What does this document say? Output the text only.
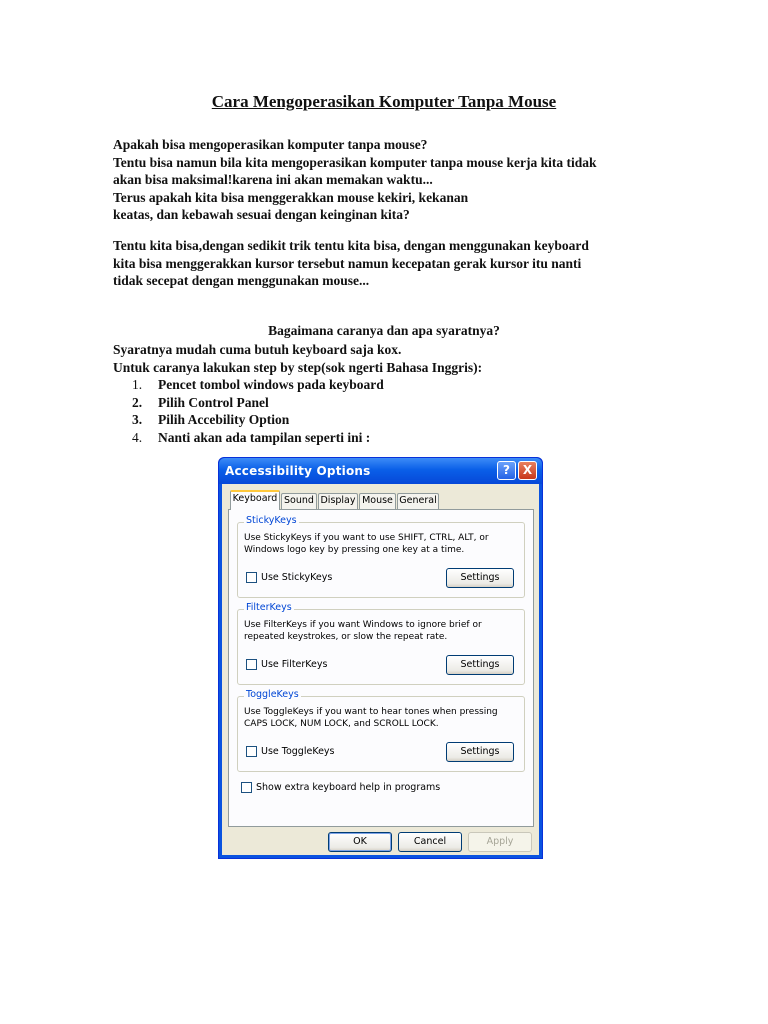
Cara Mengoperasikan Komputer Tanpa Mouse
Apakah bisa mengoperasikan komputer tanpa mouse?
Tentu bisa namun bila kita mengoperasikan komputer tanpa mouse kerja kita tidak
akan bisa maksimal!karena ini akan memakan waktu...
Terus apakah kita bisa menggerakkan mouse kekiri, kekanan
keatas, dan kebawah sesuai dengan keinginan kita?
Tentu kita bisa,dengan sedikit trik tentu kita bisa, dengan menggunakan keyboard
kita bisa menggerakkan kursor tersebut namun kecepatan gerak kursor itu nanti
tidak secepat dengan menggunakan mouse...
Bagaimana caranya dan apa syaratnya?
Syaratnya mudah cuma butuh keyboard saja kox.
Untuk caranya lakukan step by step(sok ngerti Bahasa Inggris):
1. Pencet tombol windows pada keyboard
2. Pilih Control Panel
3. Pilih Accebility Option
4. Nanti akan ada tampilan seperti ini :
Accessibility Options	?	X
Keyboard Sound Display Mouse General
StickyKeys
Use StickyKeys if you want to use SHIFT, CTRL, ALT, or Windows logo key by pressing one key at a time.
Use StickyKeys	Settings
FilterKeys
Use FilterKeys if you want Windows to ignore brief or repeated keystrokes, or slow the repeat rate.
Use FilterKeys	Settings
ToggleKeys
Use ToggleKeys if you want to hear tones when pressing CAPS LOCK, NUM LOCK, and SCROLL LOCK.
Use ToggleKeys	Settings
Show extra keyboard help in programs
OK	Cancel	Apply
